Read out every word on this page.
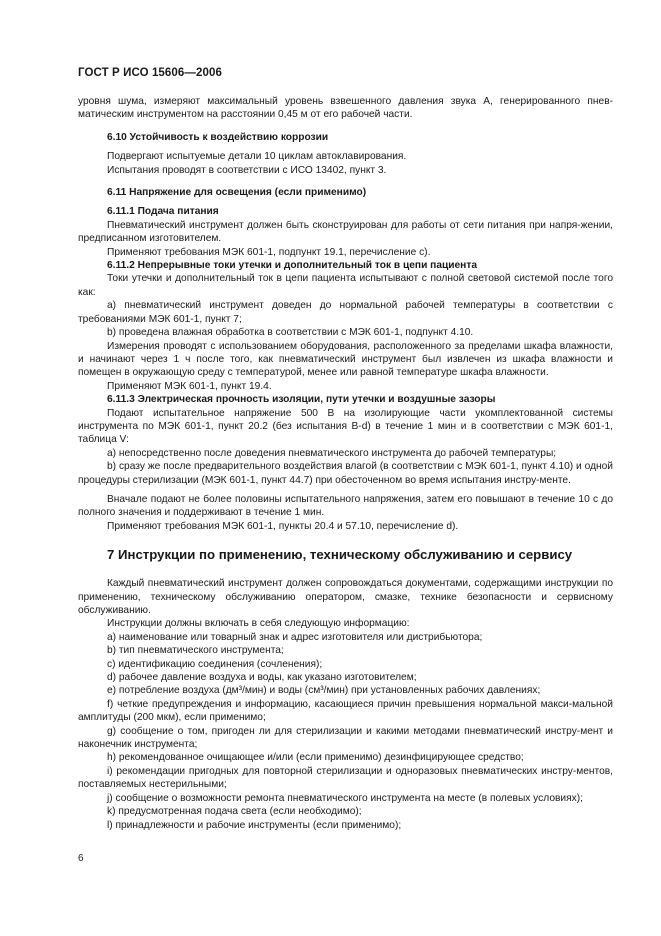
ГОСТ Р ИСО 15606—2006

уровня шума, измеряют максимальный уровень взвешенного давления звука A, генерированного пнев-матическим инструментом на расстоянии 0,45 м от его рабочей части.

6.10 Устойчивость к воздействию коррозии

Подвергают испытуемые детали 10 циклам автоклавирования.

Испытания проводят в соответствии с ИСО 13402, пункт 3.

6.11 Напряжение для освещения (если применимо)

6.11.1 Подача питания

Пневматический инструмент должен быть сконструирован для работы от сети питания при напря-жении, предписанном изготовителем.

Применяют требования МЭК 601-1, подпункт 19.1, перечисление с).

6.11.2 Непрерывные токи утечки и дополнительный ток в цепи пациента

Токи утечки и дополнительный ток в цепи пациента испытывают с полной световой системой после того как:

a) пневматический инструмент доведен до нормальной рабочей температуры в соответствии с требованиями МЭК 601-1, пункт 7;

b) проведена влажная обработка в соответствии с МЭК 601-1, подпункт 4.10.

Измерения проводят с использованием оборудования, расположенного за пределами шкафа влажности, и начинают через 1 ч после того, как пневматический инструмент был извлечен из шкафа влажности и помещен в окружающую среду с температурой, менее или равной температуре шкафа влажности.

Применяют МЭК 601-1, пункт 19.4.

6.11.3 Электрическая прочность изоляции, пути утечки и воздушные зазоры

Подают испытательное напряжение 500 В на изолирующие части укомплектованной системы инструмента по МЭК 601-1, пункт 20.2 (без испытания B-d) в течение 1 мин и в соответствии с МЭК 601-1, таблица V:

a) непосредственно после доведения пневматического инструмента до рабочей температуры;

b) сразу же после предварительного воздействия влагой (в соответствии с МЭК 601-1, пункт 4.10) и одной процедуры стерилизации (МЭК 601-1, пункт 44.7) при обесточенном во время испытания инстру-менте.

Вначале подают не более половины испытательного напряжения, затем его повышают в течение 10 с до полного значения и поддерживают в течение 1 мин.

Применяют требования МЭК 601-1, пункты 20.4 и 57.10, перечисление d).

7 Инструкции по применению, техническому обслуживанию и сервису

Каждый пневматический инструмент должен сопровождаться документами, содержащими инструкции по применению, техническому обслуживанию оператором, смазке, технике безопасности и сервисному обслуживанию.

Инструкции должны включать в себя следующую информацию:

a) наименование или товарный знак и адрес изготовителя или дистрибьютора;

b) тип пневматического инструмента;

c) идентификацию соединения (сочленения);

d) рабочее давление воздуха и воды, как указано изготовителем;

e) потребление воздуха (дм³/мин) и воды (см³/мин) при установленных рабочих давлениях;

f) четкие предупреждения и информацию, касающиеся причин превышения нормальной макси-мальной амплитуды (200 мкм), если применимо;

g) сообщение о том, пригоден ли для стерилизации и какими методами пневматический инстру-мент и наконечник инструмента;

h) рекомендованное очищающее и/или (если применимо) дезинфицирующее средство;

i) рекомендации пригодных для повторной стерилизации и одноразовых пневматических инстру-ментов, поставляемых нестерильными;

j) сообщение о возможности ремонта пневматического инструмента на месте (в полевых условиях);

k) предусмотренная подача света (если необходимо);

l) принадлежности и рабочие инструменты (если применимо);

6
